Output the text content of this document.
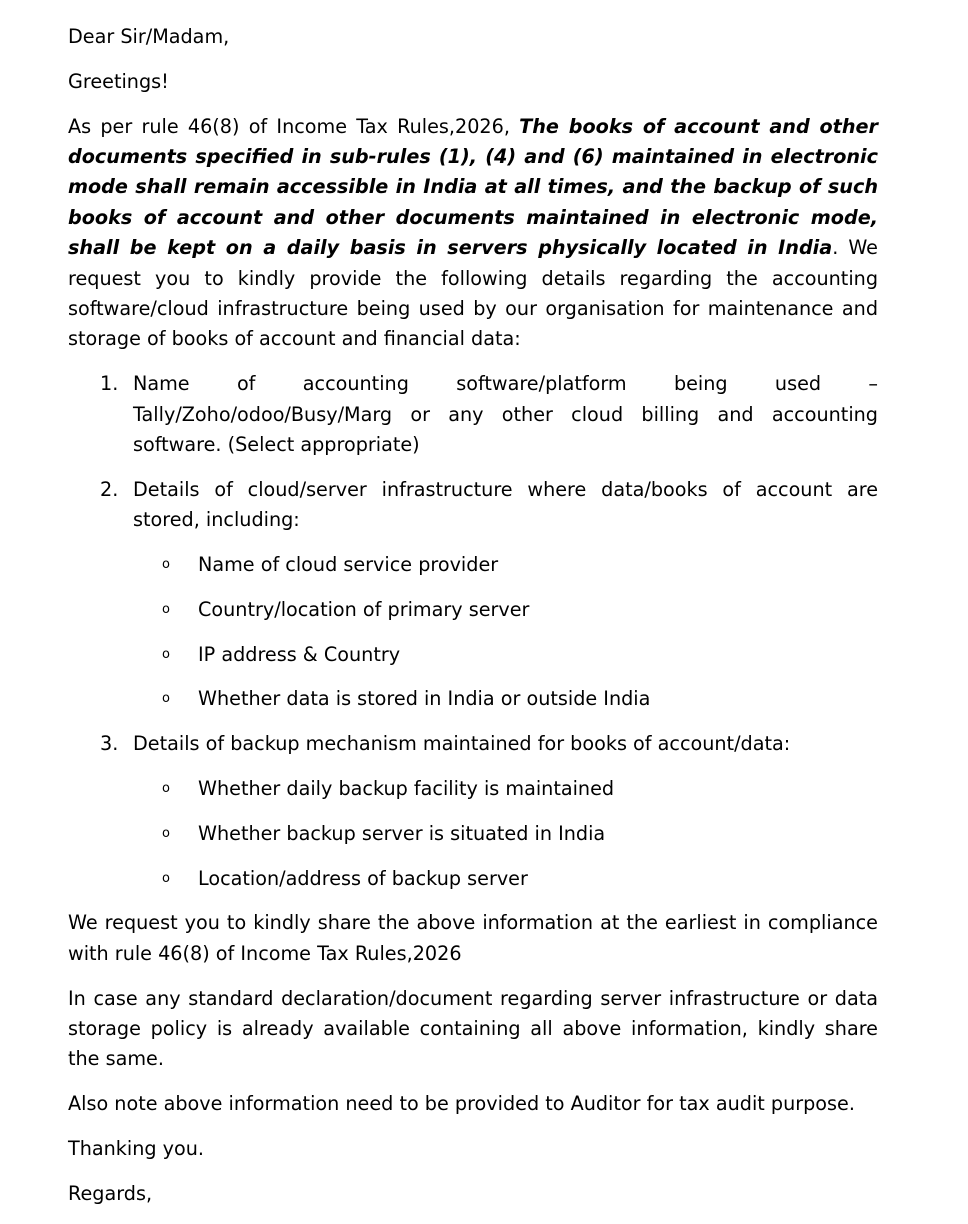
Dear Sir/Madam,

Greetings!

As per rule 46(8) of Income Tax Rules,2026, The books of account and other documents specified in sub-rules (1), (4) and (6) maintained in electronic mode shall remain accessible in India at all times, and the backup of such books of account and other documents maintained in electronic mode, shall be kept on a daily basis in servers physically located in India. We request you to kindly provide the following details regarding the accounting software/cloud infrastructure being used by our organisation for maintenance and storage of books of account and financial data:

1. Name of accounting software/platform being used – Tally/Zoho/odoo/Busy/Marg or any other cloud billing and accounting software. (Select appropriate)
2. Details of cloud/server infrastructure where data/books of account are stored, including:
o Name of cloud service provider
o Country/location of primary server
o IP address & Country
o Whether data is stored in India or outside India
3. Details of backup mechanism maintained for books of account/data:
o Whether daily backup facility is maintained
o Whether backup server is situated in India
o Location/address of backup server

We request you to kindly share the above information at the earliest in compliance with rule 46(8) of Income Tax Rules,2026

In case any standard declaration/document regarding server infrastructure or data storage policy is already available containing all above information, kindly share the same.

Also note above information need to be provided to Auditor for tax audit purpose.

Thanking you.

Regards,
